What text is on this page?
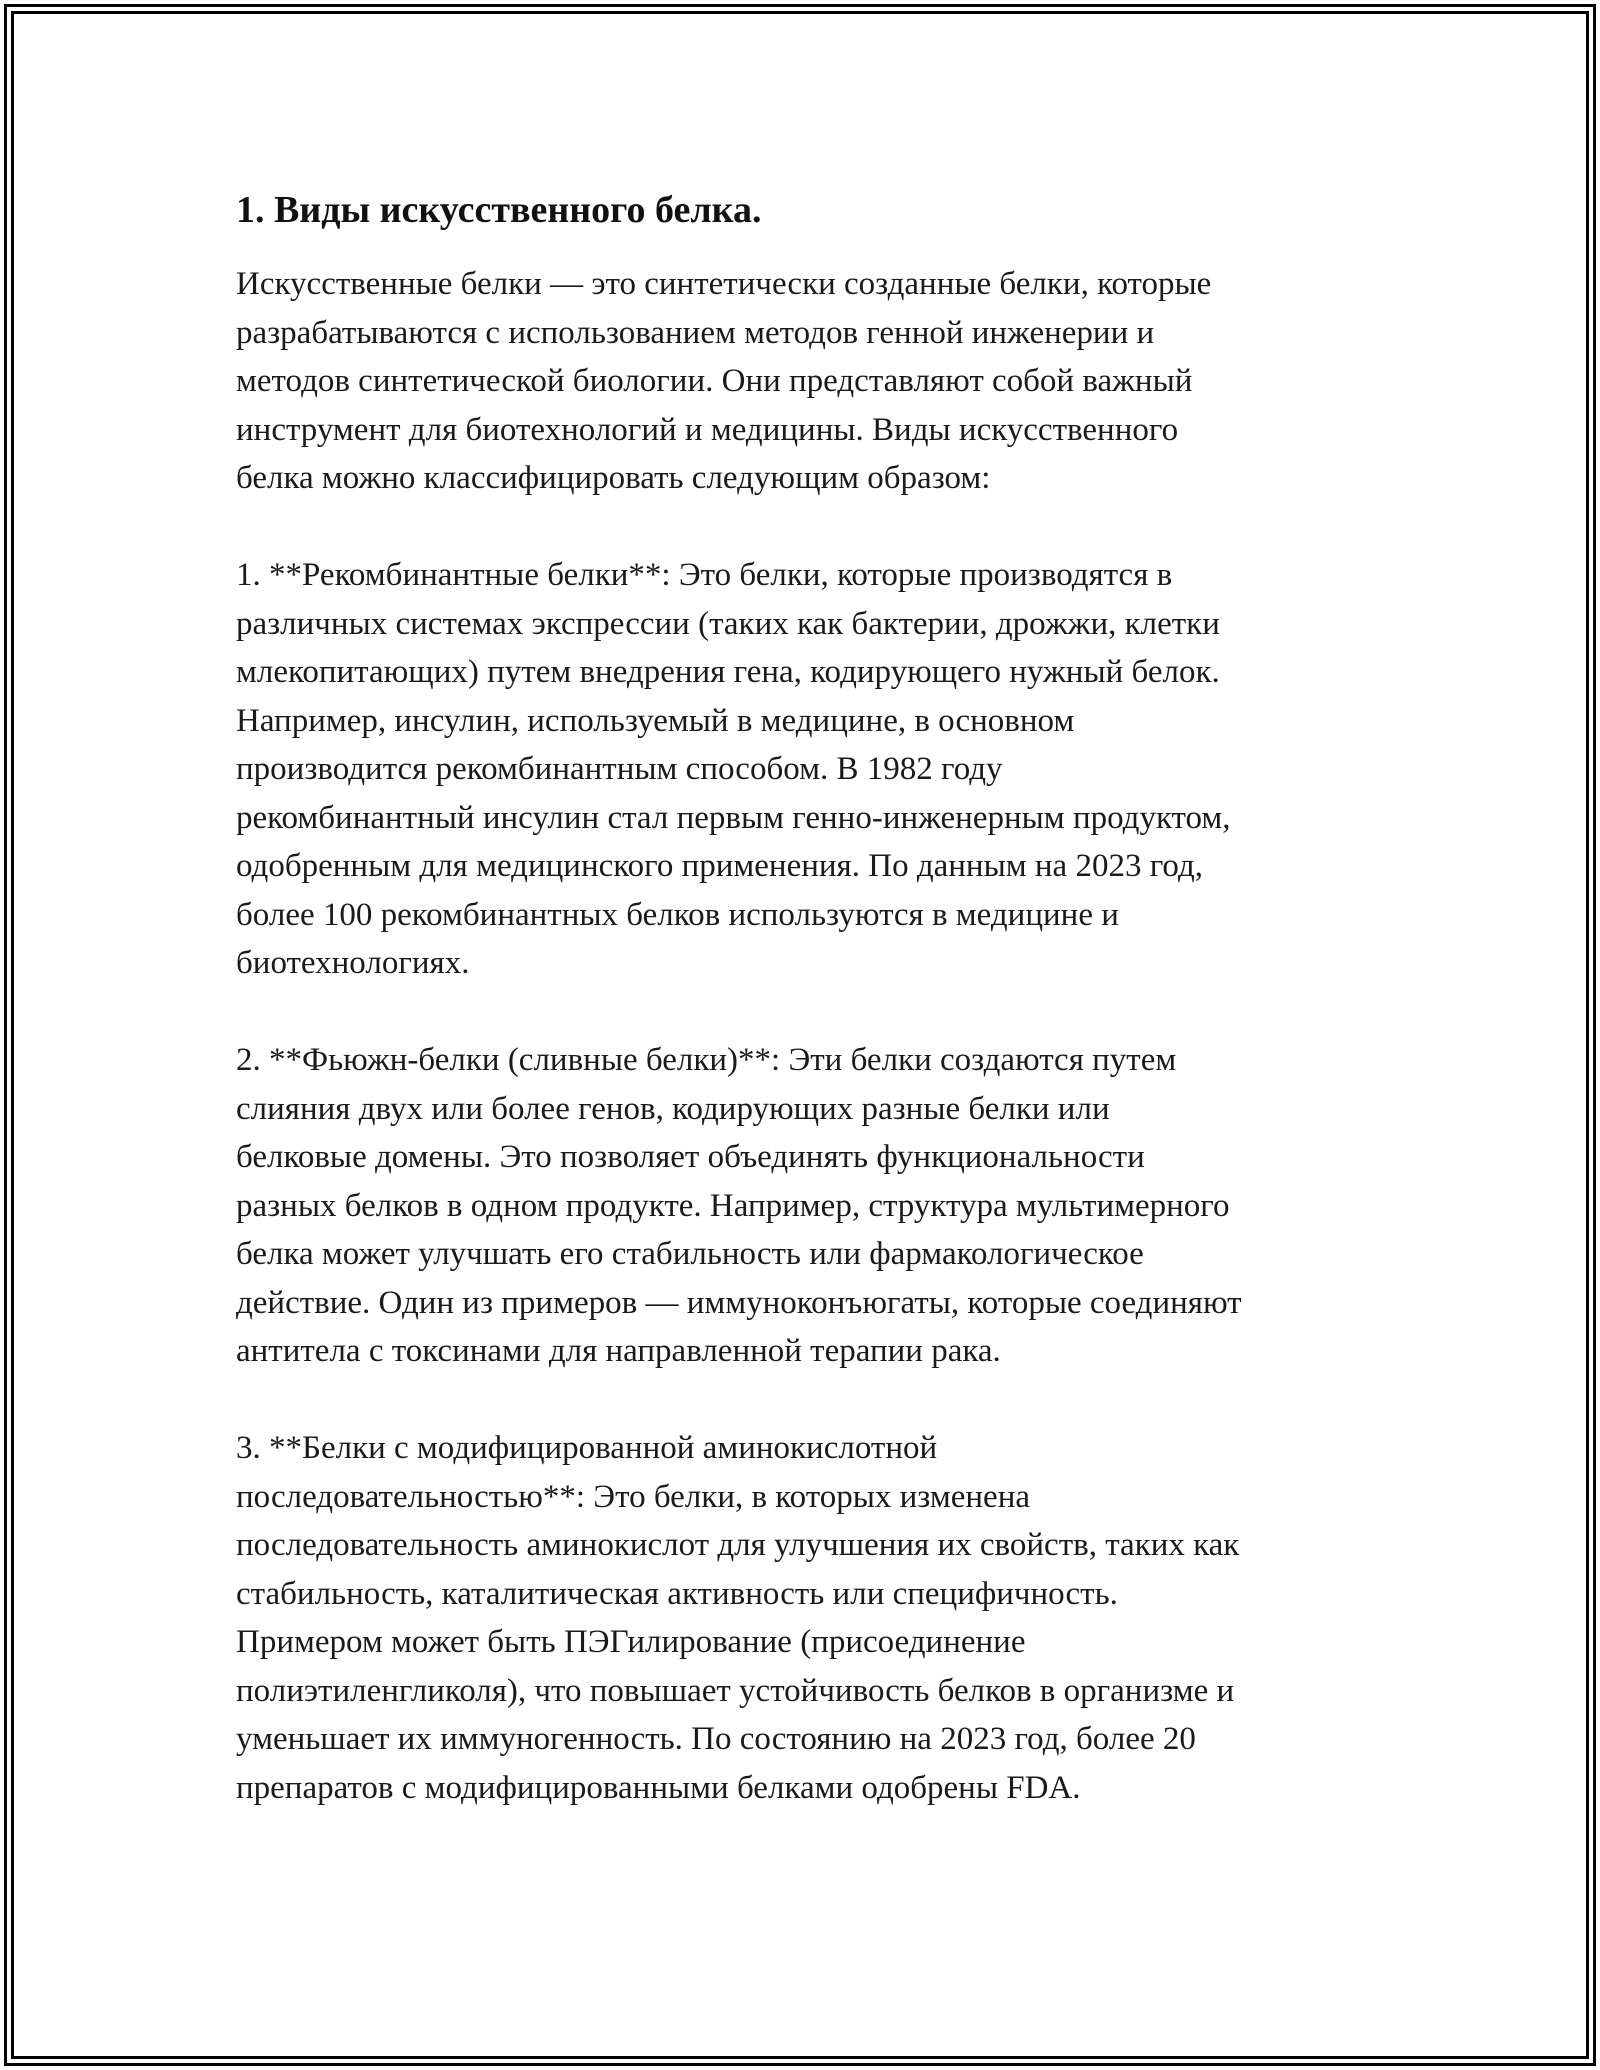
1. Виды искусственного белка.

Искусственные белки — это синтетически созданные белки, которые
разрабатываются с использованием методов генной инженерии и
методов синтетической биологии. Они представляют собой важный
инструмент для биотехнологий и медицины. Виды искусственного
белка можно классифицировать следующим образом:

1. **Рекомбинантные белки**: Это белки, которые производятся в
различных системах экспрессии (таких как бактерии, дрожжи, клетки
млекопитающих) путем внедрения гена, кодирующего нужный белок.
Например, инсулин, используемый в медицине, в основном
производится рекомбинантным способом. В 1982 году
рекомбинантный инсулин стал первым генно-инженерным продуктом,
одобренным для медицинского применения. По данным на 2023 год,
более 100 рекомбинантных белков используются в медицине и
биотехнологиях.

2. **Фьюжн-белки (сливные белки)**: Эти белки создаются путем
слияния двух или более генов, кодирующих разные белки или
белковые домены. Это позволяет объединять функциональности
разных белков в одном продукте. Например, структура мультимерного
белка может улучшать его стабильность или фармакологическое
действие. Один из примеров — иммуноконъюгаты, которые соединяют
антитела с токсинами для направленной терапии рака.

3. **Белки с модифицированной аминокислотной
последовательностью**: Это белки, в которых изменена
последовательность аминокислот для улучшения их свойств, таких как
стабильность, каталитическая активность или специфичность.
Примером может быть ПЭГилирование (присоединение
полиэтиленгликоля), что повышает устойчивость белков в организме и
уменьшает их иммуногенность. По состоянию на 2023 год, более 20
препаратов с модифицированными белками одобрены FDA.
